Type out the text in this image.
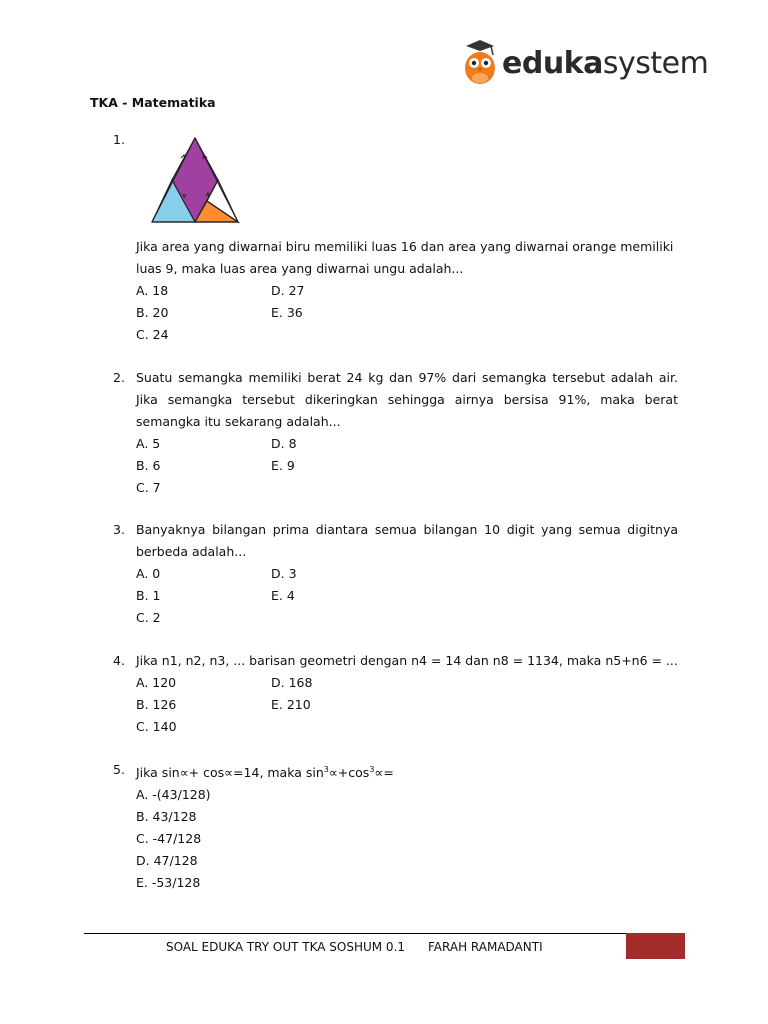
edukasystem
TKA - Matematika
1.
Jika area yang diwarnai biru memiliki luas 16 dan area yang diwarnai orange memiliki luas 9, maka luas area yang diwarnai ungu adalah...
A. 18	D. 27
B. 20	E. 36
C. 24
2. Suatu semangka memiliki berat 24 kg dan 97% dari semangka tersebut adalah air. Jika semangka tersebut dikeringkan sehingga airnya bersisa 91%, maka berat semangka itu sekarang adalah...
A. 5	D. 8
B. 6	E. 9
C. 7
3. Banyaknya bilangan prima diantara semua bilangan 10 digit yang semua digitnya berbeda adalah...
A. 0	D. 3
B. 1	E. 4
C. 2
4. Jika n1, n2, n3, ... barisan geometri dengan n4 = 14 dan n8 = 1134, maka n5+n6 = ...
A. 120	D. 168
B. 126	E. 210
C. 140
5. Jika sin∝+ cos∝=14, maka $\sin^3\propto+\cos^3\propto=$
A. -(43/128)
B. 43/128
C. -47/128
D. 47/128
E. -53/128
SOAL EDUKA TRY OUT TKA SOSHUM 0.1 FARAH RAMADANTI
